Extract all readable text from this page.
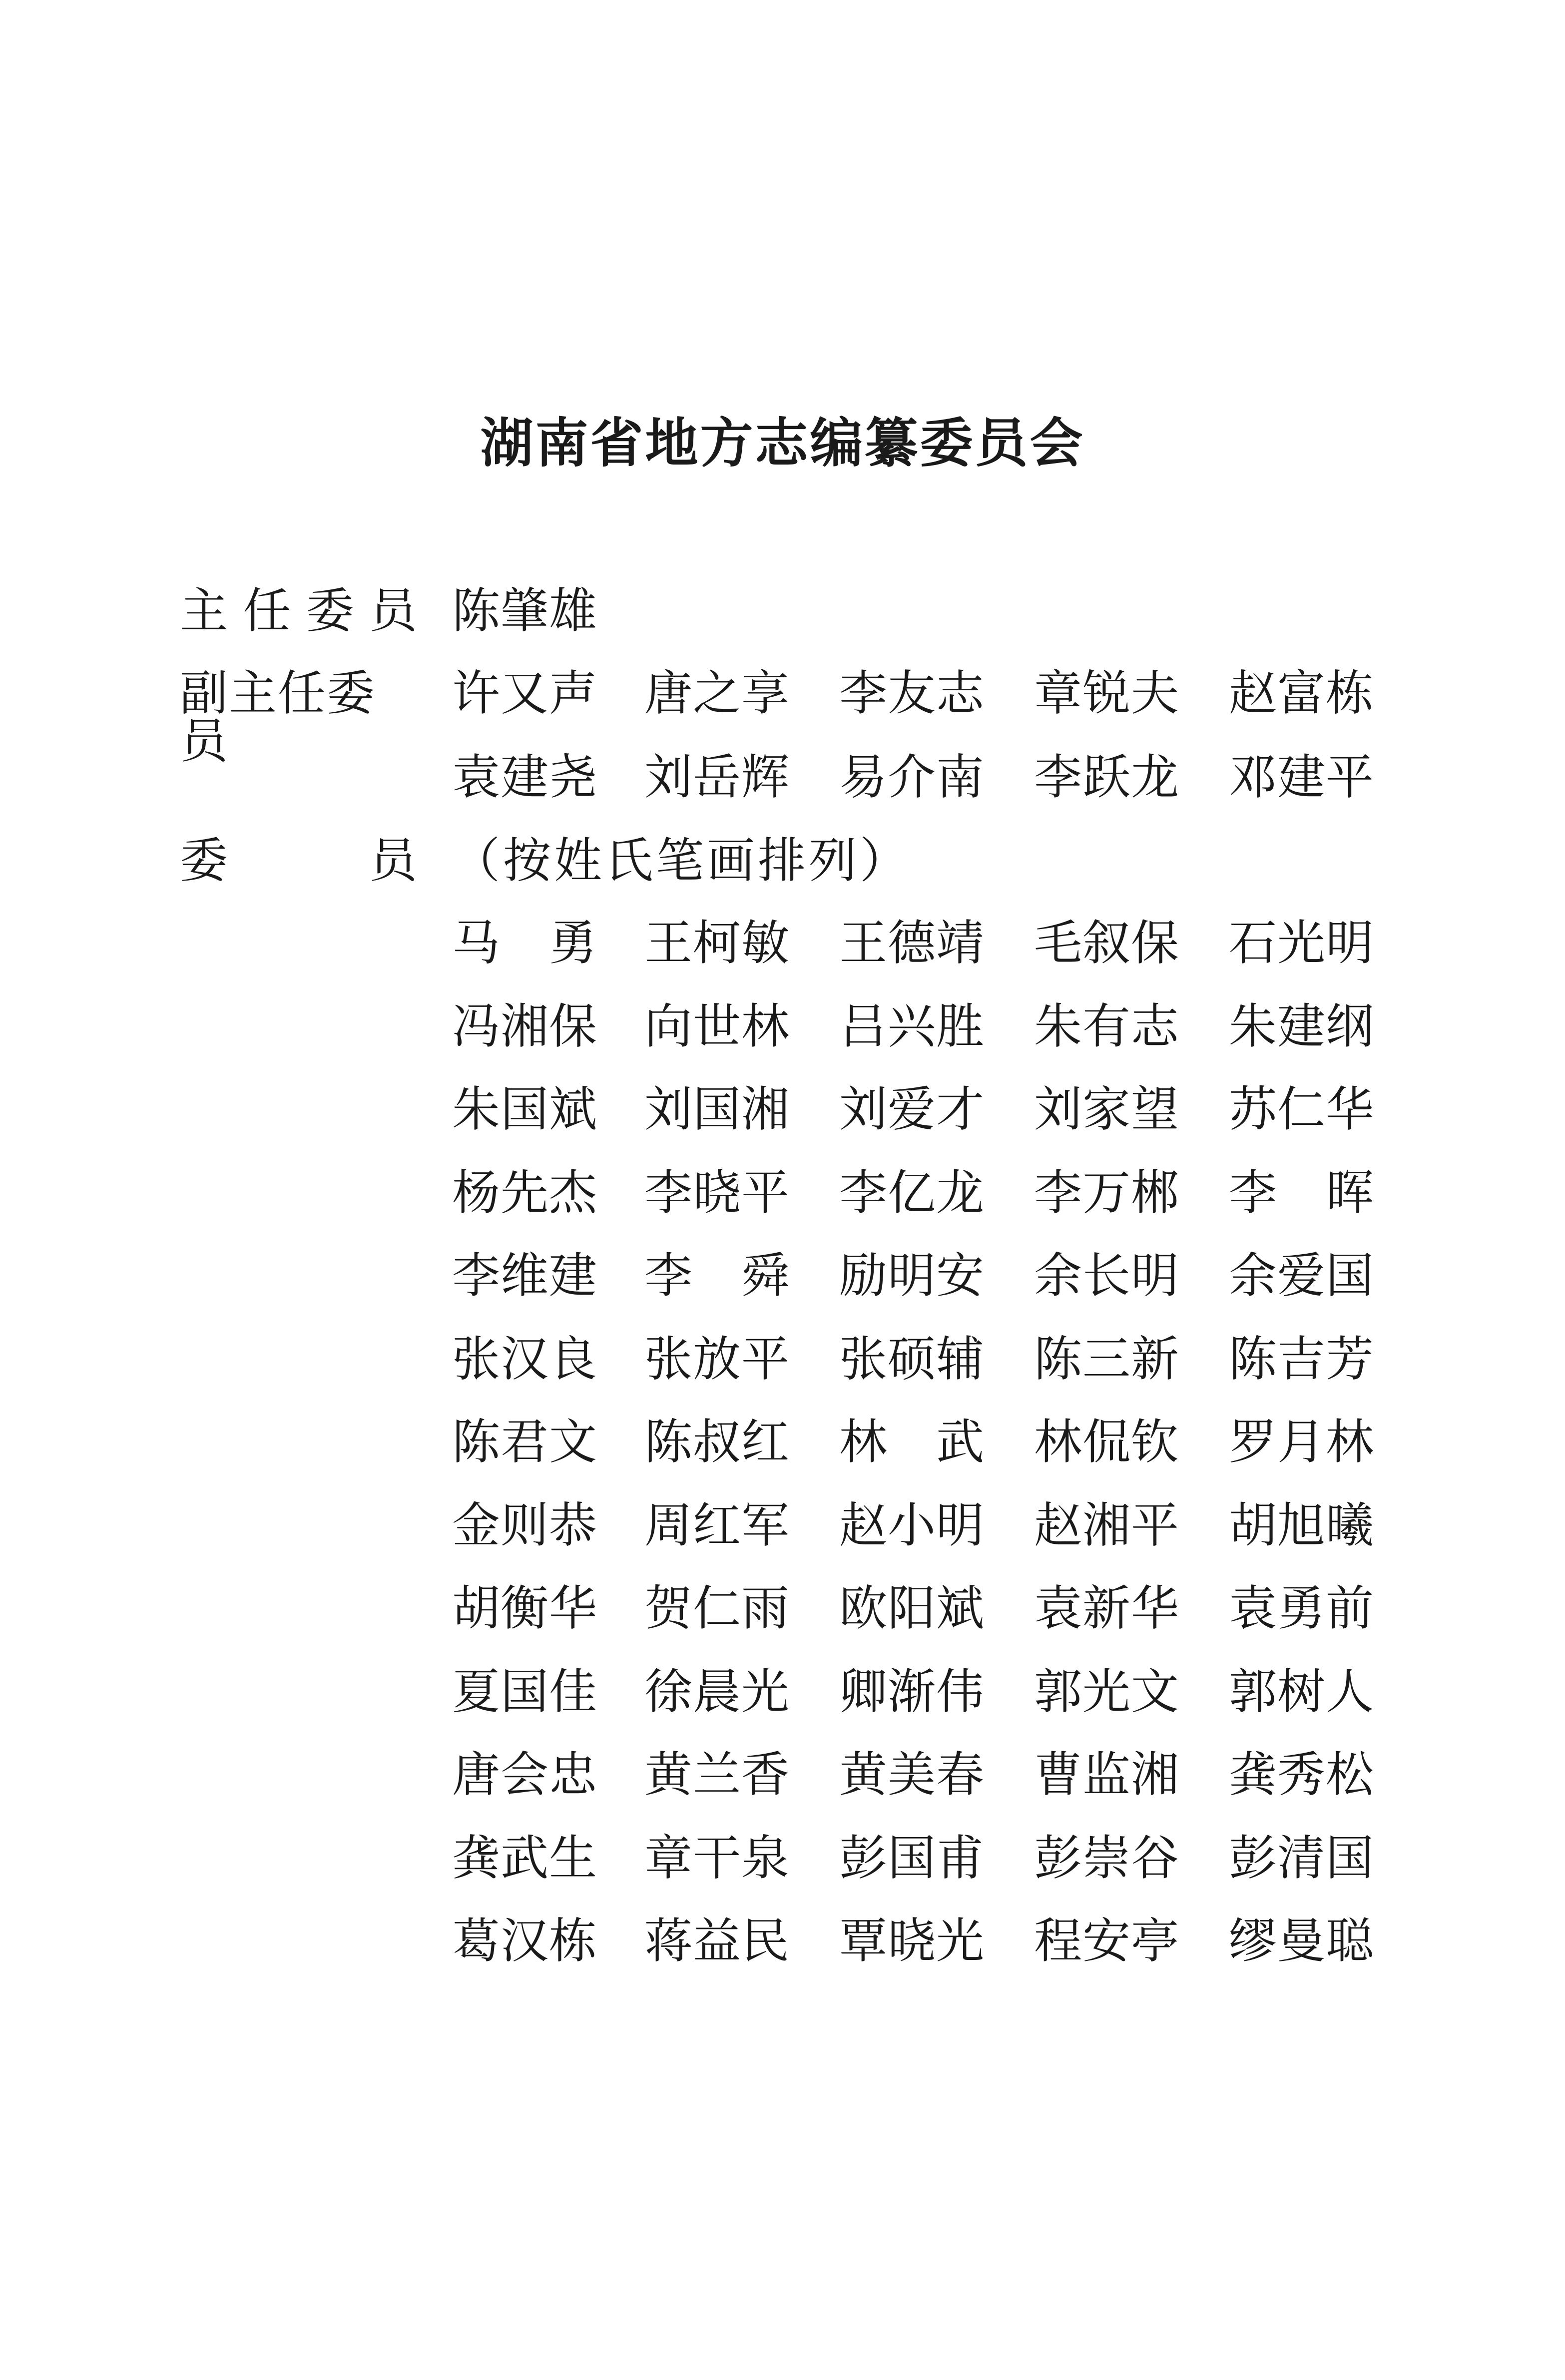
湖南省地方志编纂委员会
主 任 委 员 陈 肇 雄
副主任委员
许 又 声 唐 之 享 李 友 志 章 锐 夫 赵 富 栋
袁 建 尧 刘 岳 辉 易 介 南 李 跃 龙 邓 建 平
委	员 （按姓氏笔画排列）
马 勇 王 柯 敏 王 德 靖 毛 叙 保 石 光 明
冯 湘 保 向 世 林 吕 兴 胜 朱 有 志 朱 建 纲
朱 国 斌 刘 国 湘 刘 爱 才 刘 家 望 苏 仁 华
杨 先 杰 李 晓 平 李 亿 龙 李 万 郴 李 晖
李 维 建 李 舜 励 明 安 余 长 明 余 爱 国
张 汉 良 张 放 平 张 硕 辅 陈 三 新 陈 吉 芳
陈 君 文 陈 叔 红 林 武 林 侃 钦 罗 月 林
金 则 恭 周 红 军 赵 小 明 赵 湘 平 胡 旭 曦
胡 衡 华 贺 仁 雨 欧 阳 斌 袁 新 华 袁 勇 前
夏 国 佳 徐 晨 光 卿 渐 伟 郭 光 文 郭 树 人
唐 会 忠 黄 兰 香 黄 美 春 曹 监 湘 龚 秀 松
龚 武 生 章 干 泉 彭 国 甫 彭 崇 谷 彭 清 国
葛 汉 栋 蒋 益 民 覃 晓 光 程 安 亭 缪 曼 聪
